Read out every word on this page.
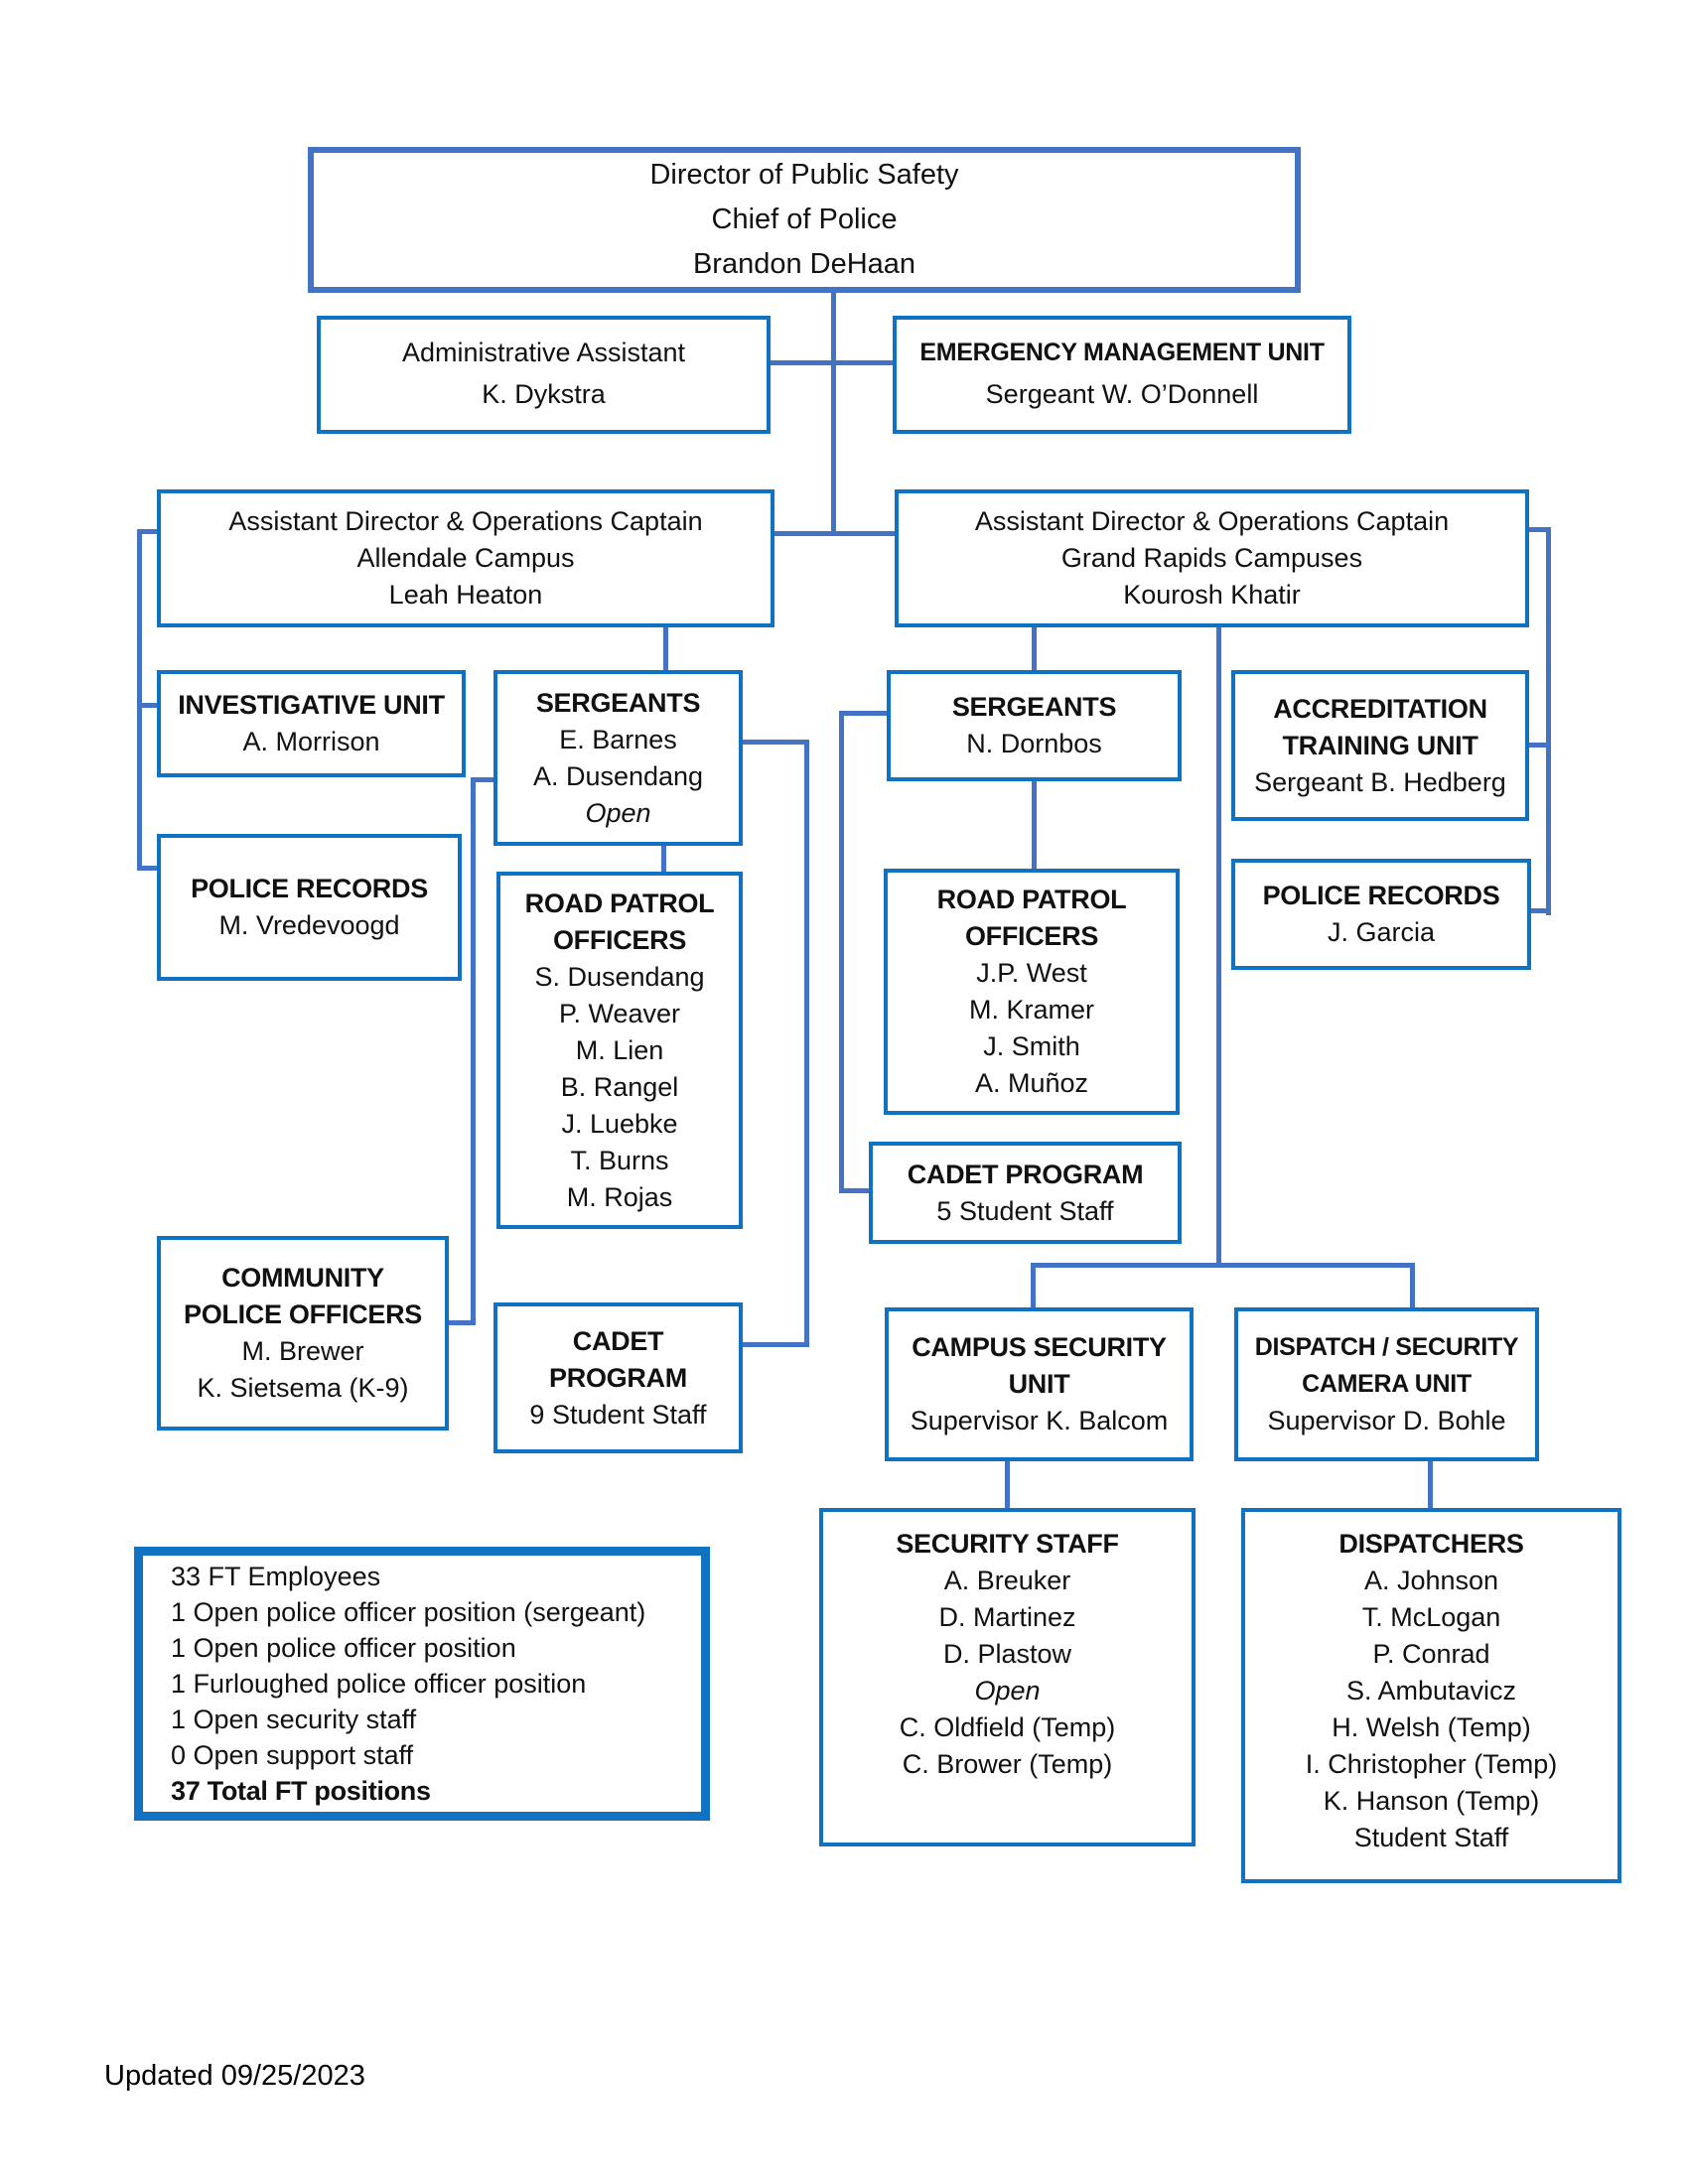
Director of Public Safety
Chief of Police
Brandon DeHaan
Administrative Assistant
K. Dykstra
EMERGENCY MANAGEMENT UNIT
Sergeant W. O’Donnell
Assistant Director & Operations Captain
Allendale Campus
Leah Heaton
Assistant Director & Operations Captain
Grand Rapids Campuses
Kourosh Khatir
INVESTIGATIVE UNIT
A. Morrison
SERGEANTS
E. Barnes
A. Dusendang
Open
SERGEANTS
N. Dornbos
ACCREDITATION
TRAINING UNIT
Sergeant B. Hedberg
POLICE RECORDS
M. Vredevoogd
ROAD PATROL
OFFICERS
S. Dusendang
P. Weaver
M. Lien
B. Rangel
J. Luebke
T. Burns
M. Rojas
POLICE RECORDS
J. Garcia
ROAD PATROL
OFFICERS
J.P. West
M. Kramer
J. Smith
A. Muñoz
CADET PROGRAM
5 Student Staff
COMMUNITY
POLICE OFFICERS
M. Brewer
K. Sietsema (K-9)
CADET
PROGRAM
9 Student Staff
CAMPUS SECURITY
UNIT
Supervisor K. Balcom
DISPATCH / SECURITY
CAMERA UNIT
Supervisor D. Bohle
SECURITY STAFF
A. Breuker
D. Martinez
D. Plastow
Open
C. Oldfield (Temp)
C. Brower (Temp)
DISPATCHERS
A. Johnson
T. McLogan
P. Conrad
S. Ambutavicz
H. Welsh (Temp)
I. Christopher (Temp)
K. Hanson (Temp)
Student Staff
33 FT Employees
1 Open police officer position (sergeant)
1 Open police officer position
1 Furloughed police officer position
1 Open security staff
0 Open support staff
37 Total FT positions
Updated 09/25/2023
